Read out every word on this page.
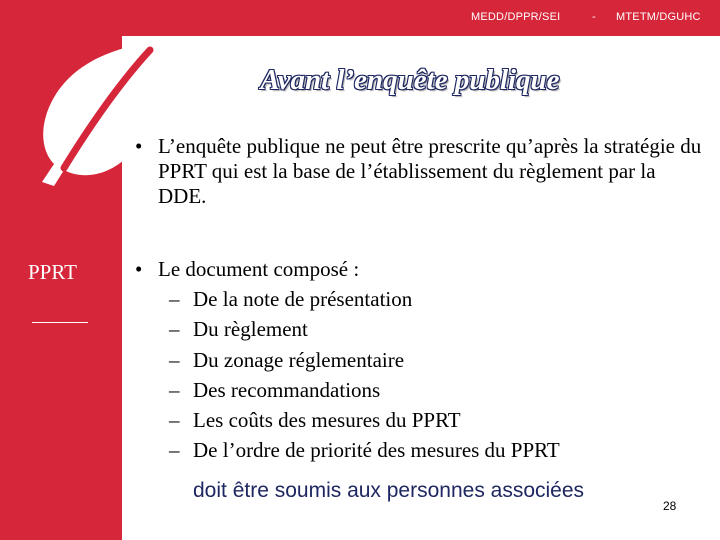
MEDD/DPPR/SEI	- MTETM/DGUHC
Avant l’enquête publique
PPRT
• L’enquête publique ne peut être prescrite qu’après la stratégie du PPRT qui est la base de l’établissement du règlement par la DDE.
• Le document composé :
– De la note de présentation
– Du règlement
– Du zonage réglementaire
– Des recommandations
– Les coûts des mesures du PPRT
– De l’ordre de priorité des mesures du PPRT
doit être soumis aux personnes associées
28
